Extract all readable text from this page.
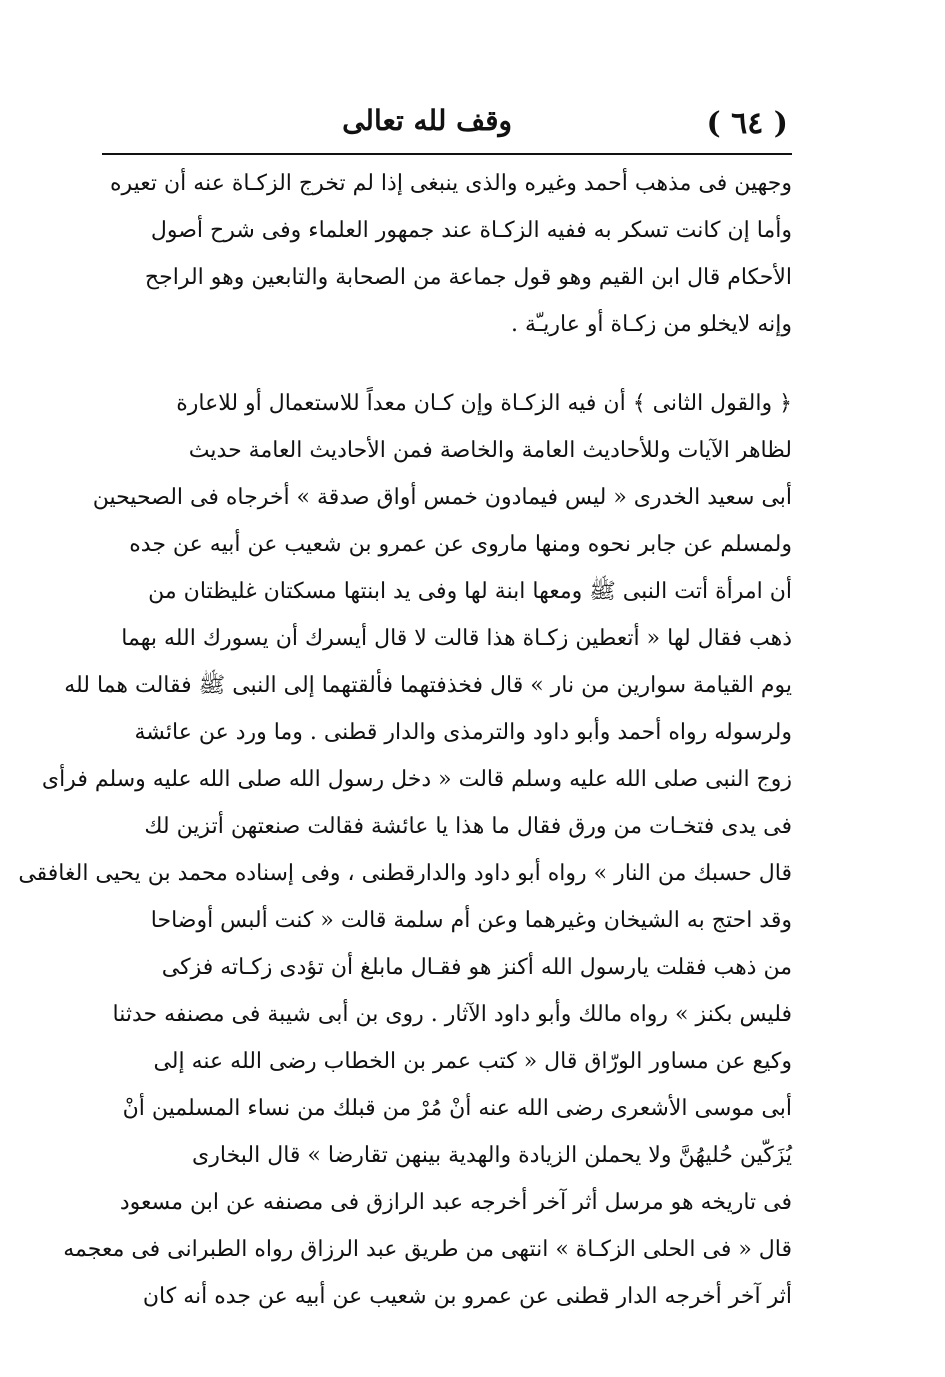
( ٦٤ )
وقف لله تعالى
وجهين فى مذهب أحمد وغيره والذى ينبغى إذا لم تخرج الزكـاة عنه أن تعيره
وأما إن كانت تسكر به ففيه الزكـاة عند جمهور العلماء وفى شرح أصول
الأحكام قال ابن القيم وهو قول جماعة من الصحابة والتابعين وهو الراجح
وإنه لايخلو من زكـاة أو عاريـّة .
﴿ والقول الثانى ﴾ أن فيه الزكـاة وإن كـان معداً للاستعمال أو للاعارة
لظاهر الآيات وللأحاديث العامة والخاصة فمن الأحاديث العامة حديث
أبى سعيد الخدرى « ليس فيمادون خمس أواق صدقة » أخرجاه فى الصحيحين
ولمسلم عن جابر نحوه ومنها ماروى عن عمرو بن شعيب عن أبيه عن جده
أن امرأة أتت النبى ﷺ ومعها ابنة لها وفى يد ابنتها مسكتان غليظتان من
ذهب فقال لها « أتعطين زكـاة هذا قالت لا قال أيسرك أن يسورك الله بهما
يوم القيامة سوارين من نار » قال فخذفتهما فألقتهما إلى النبى ﷺ فقالت هما لله
ولرسوله رواه أحمد وأبو داود والترمذى والدار قطنى . وما ورد عن عائشة
زوج النبى صلى الله عليه وسلم قالت « دخل رسول الله صلى الله عليه وسلم فرأى
فى يدى فتخـات من ورق فقال ما هذا يا عائشة فقالت صنعتهن أتزين لك
قال حسبك من النار » رواه أبو داود والدارقطنى ، وفى إسناده محمد بن يحيى الغافقى
وقد احتج به الشيخان وغيرهما وعن أم سلمة قالت « كنت ألبس أوضاحا
من ذهب فقلت يارسول الله أكنز هو فقـال مابلغ أن تؤدى زكـاته فزكى
فليس بكنز » رواه مالك وأبو داود الآثار . روى بن أبى شيبة فى مصنفه حدثنا
وكيع عن مساور الورّاق قال « كتب عمر بن الخطاب رضى الله عنه إلى
أبى موسى الأشعرى رضى الله عنه أنْ مُرْ من قبلك من نساء المسلمين أنْ
يُزَكّين حُليهُنَّ ولا يحملن الزيادة والهدية بينهن تقارضا » قال البخارى
فى تاريخه هو مرسل أثر آخر أخرجه عبد الرازق فى مصنفه عن ابن مسعود
قال « فى الحلى الزكـاة » انتهى من طريق عبد الرزاق رواه الطبرانى فى معجمه
أثر آخر أخرجه الدار قطنى عن عمرو بن شعيب عن أبيه عن جده أنه كان
